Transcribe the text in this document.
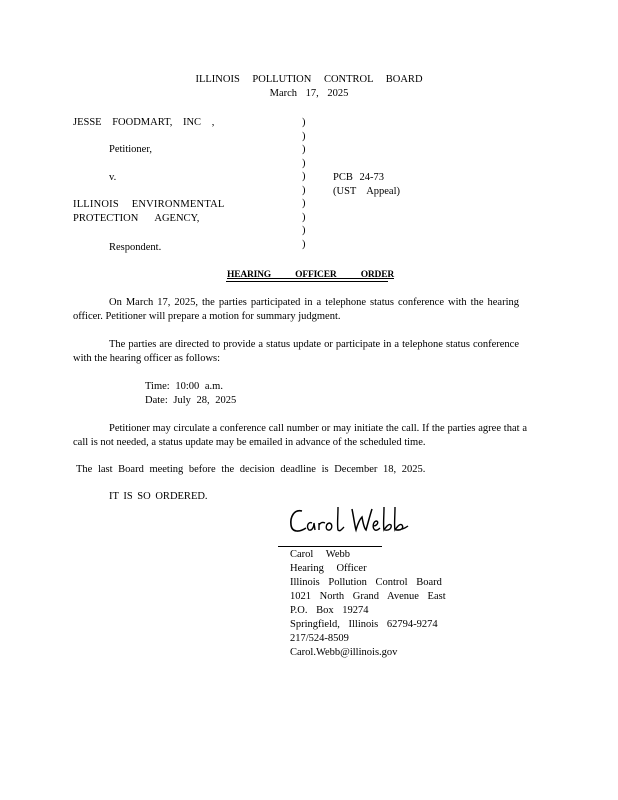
ILLINOIS POLLUTION CONTROL BOARD
March 17, 2025
JESSE FOODMART, INC ,
Petitioner,
v.
ILLINOIS ENVIRONMENTAL
PROTECTION AGENCY,
Respondent.
)
)
)
)
)
)
)
)
)
)
PCB 24-73
(UST Appeal)
HEARING OFFICER ORDER
On March 17, 2025, the parties participated in a telephone status conference with the hearing officer. Petitioner will prepare a motion for summary judgment.
The parties are directed to provide a status update or participate in a telephone status conference with the hearing officer as follows:
Time: 10:00 a.m.
Date: July 28, 2025
Petitioner may circulate a conference call number or may initiate the call. If the parties agree that a call is not needed, a status update may be emailed in advance of the scheduled time.
The last Board meeting before the decision deadline is December 18, 2025.
IT IS SO ORDERED.
Carol Webb
Hearing Officer
Illinois Pollution Control Board
1021 North Grand Avenue East
P.O. Box 19274
Springfield, Illinois 62794-9274
217/524-8509
Carol.Webb@illinois.gov
